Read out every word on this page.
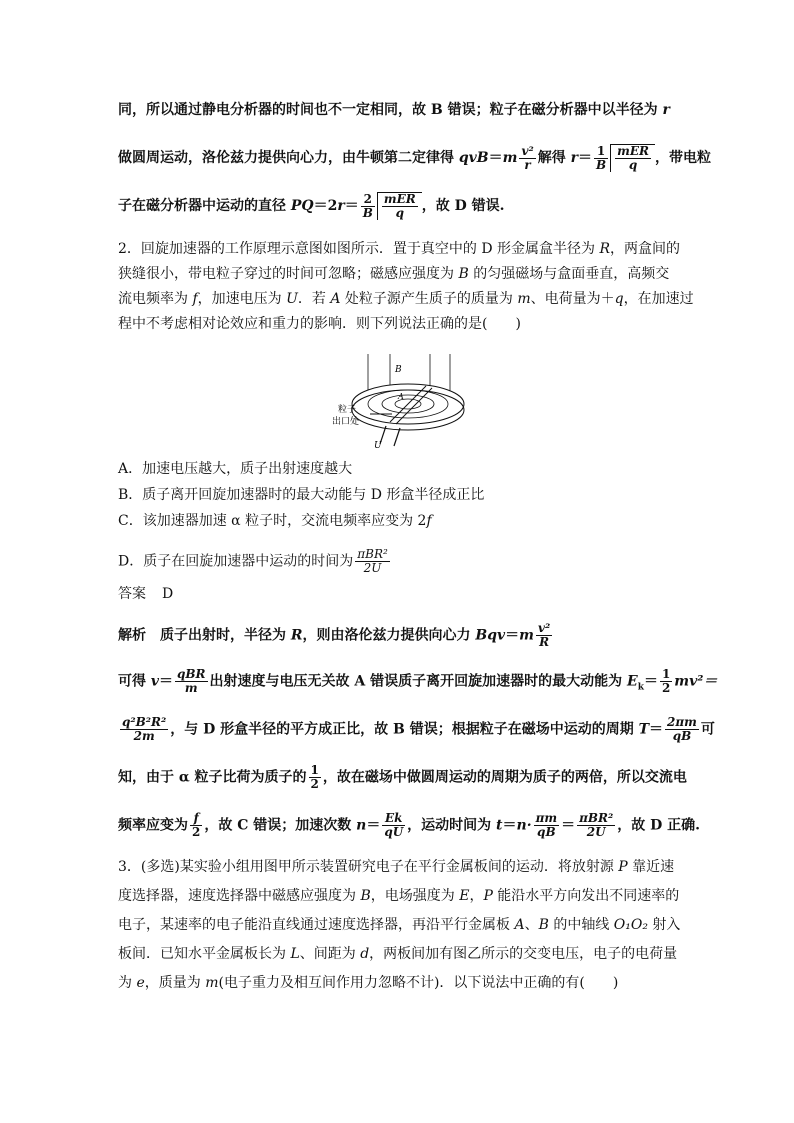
同，所以通过静电分析器的时间也不一定相同，故 B 错误；粒子在磁分析器中以半径为 r
做圆周运动，洛伦兹力提供向心力，由牛顿第二定律得 $qvB=m \frac{\text{v²}}{r}$ 解得 $r= \frac{1}{B} \frac{\text{mER}}{q}$ ，带电粒
子在磁分析器中运动的直径 $PQ=2r= \frac{2}{B} \frac{\text{mER}}{q}$ ，故 D 错误.
2．回旋加速器的工作原理示意图如图所示．置于真空中的 D 形金属盒半径为 R，两盒间的
狭缝很小，带电粒子穿过的时间可忽略；磁感应强度为 B 的匀强磁场与盒面垂直，高频交
流电频率为 f，加速电压为 U．若 A 处粒子源产生质子的质量为 m、电荷量为＋q，在加速过
程中不考虑相对论效应和重力的影响．则下列说法正确的是(　　)
B
A
粒子
出口处
U
A．加速电压越大，质子出射速度越大
B．质子离开回旋加速器时的最大动能与 D 形盒半径成正比
C．该加速器加速 α 粒子时，交流电频率应变为 2f
D．质子在回旋加速器中运动的时间为 $\frac{\text{πBR²}}{2U}$
答案 D
解析 质子出射时，半径为 R，则由洛伦兹力提供向心力 $Bqv=m \frac{\text{v²}}{R}$
可得 $v= \frac{\text{qBR}}{m}$ 出射速度与电压无关故 A 错误质子离开回旋加速器时的最大动能为 $E_k= \frac{1}{2} mv^2=$
$\frac{\text{q²B²R²}}{2m}$ ，与 D 形盒半径的平方成正比，故 B 错误；根据粒子在磁场中运动的周期 $T= \frac{2\pi m}{qB}$ 可
知，由于 α 粒子比荷为质子的 $\frac{1}{2}$ ，故在磁场中做圆周运动的周期为质子的两倍，所以交流电
频率应变为 $\frac{f}{2}$ ，故 C 错误；加速次数 $n= \frac{Ek}{qU}$ ，运动时间为 $t=n\cdot \frac{\pi m}{qB} = \frac{\text{πBR²}}{2U}$ ，故 D 正确.
3．(多选)某实验小组用图甲所示装置研究电子在平行金属板间的运动．将放射源 P 靠近速
度选择器，速度选择器中磁感应强度为 B，电场强度为 E，P 能沿水平方向发出不同速率的
电子，某速率的电子能沿直线通过速度选择器，再沿平行金属板 A、B 的中轴线 O₁O₂ 射入
板间．已知水平金属板长为 L、间距为 d，两板间加有图乙所示的交变电压，电子的电荷量
为 e，质量为 m(电子重力及相互间作用力忽略不计)．以下说法中正确的有(　　)
